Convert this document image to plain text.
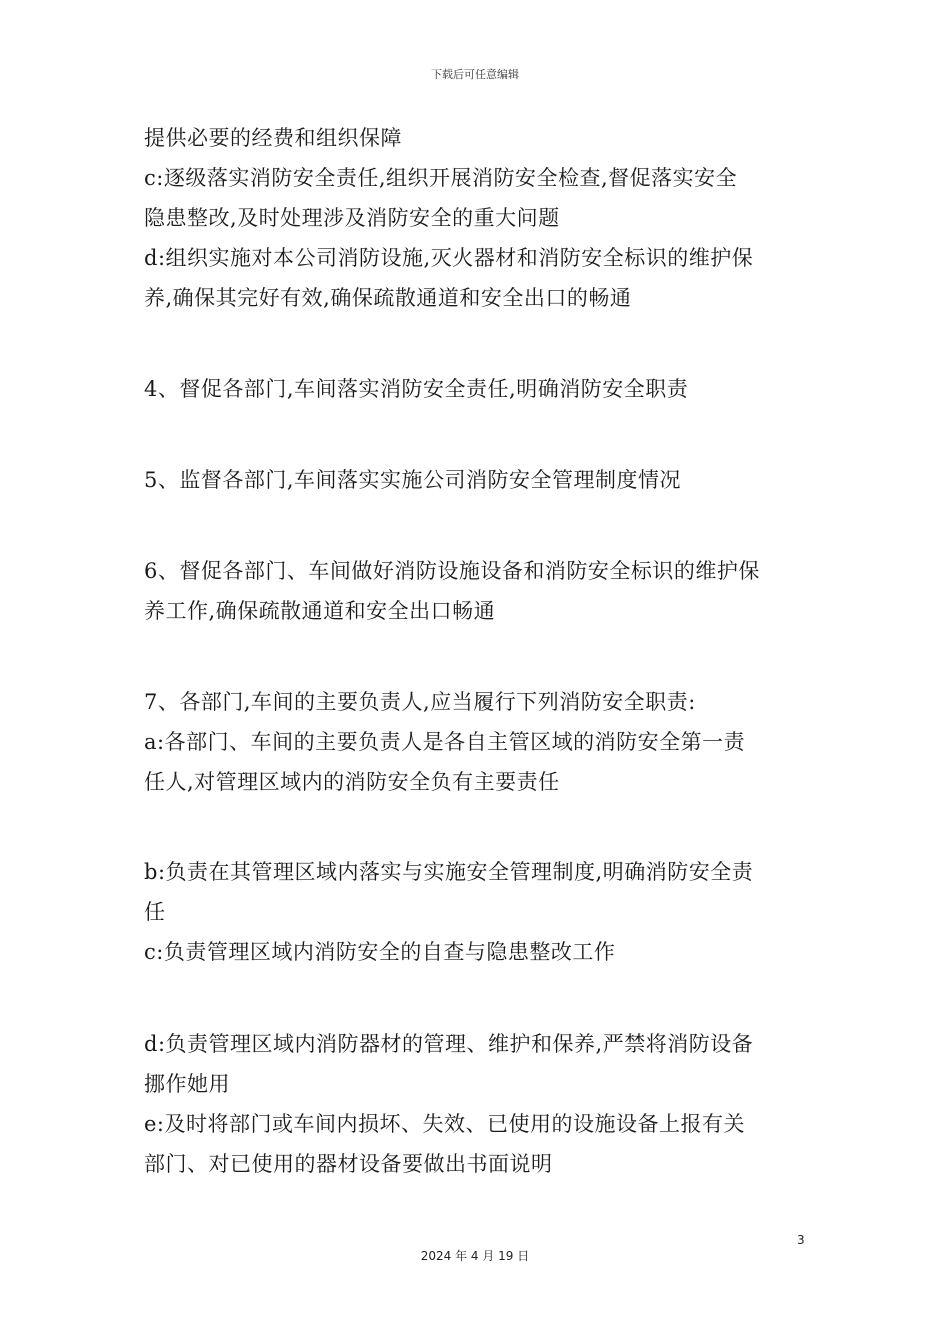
下载后可任意编辑
提供必要的经费和组织保障
c:逐级落实消防安全责任,组织开展消防安全检查,督促落实安全
隐患整改,及时处理涉及消防安全的重大问题
d:组织实施对本公司消防设施,灭火器材和消防安全标识的维护保
养,确保其完好有效,确保疏散通道和安全出口的畅通
4、督促各部门,车间落实消防安全责任,明确消防安全职责
5、监督各部门,车间落实实施公司消防安全管理制度情况
6、督促各部门、车间做好消防设施设备和消防安全标识的维护保
养工作,确保疏散通道和安全出口畅通
7、各部门,车间的主要负责人,应当履行下列消防安全职责:
a:各部门、车间的主要负责人是各自主管区域的消防安全第一责
任人,对管理区域内的消防安全负有主要责任
b:负责在其管理区域内落实与实施安全管理制度,明确消防安全责
任
c:负责管理区域内消防安全的自查与隐患整改工作
d:负责管理区域内消防器材的管理、维护和保养,严禁将消防设备
挪作她用
e:及时将部门或车间内损坏、失效、已使用的设施设备上报有关
部门、对已使用的器材设备要做出书面说明
3
2024 年 4 月 19 日
